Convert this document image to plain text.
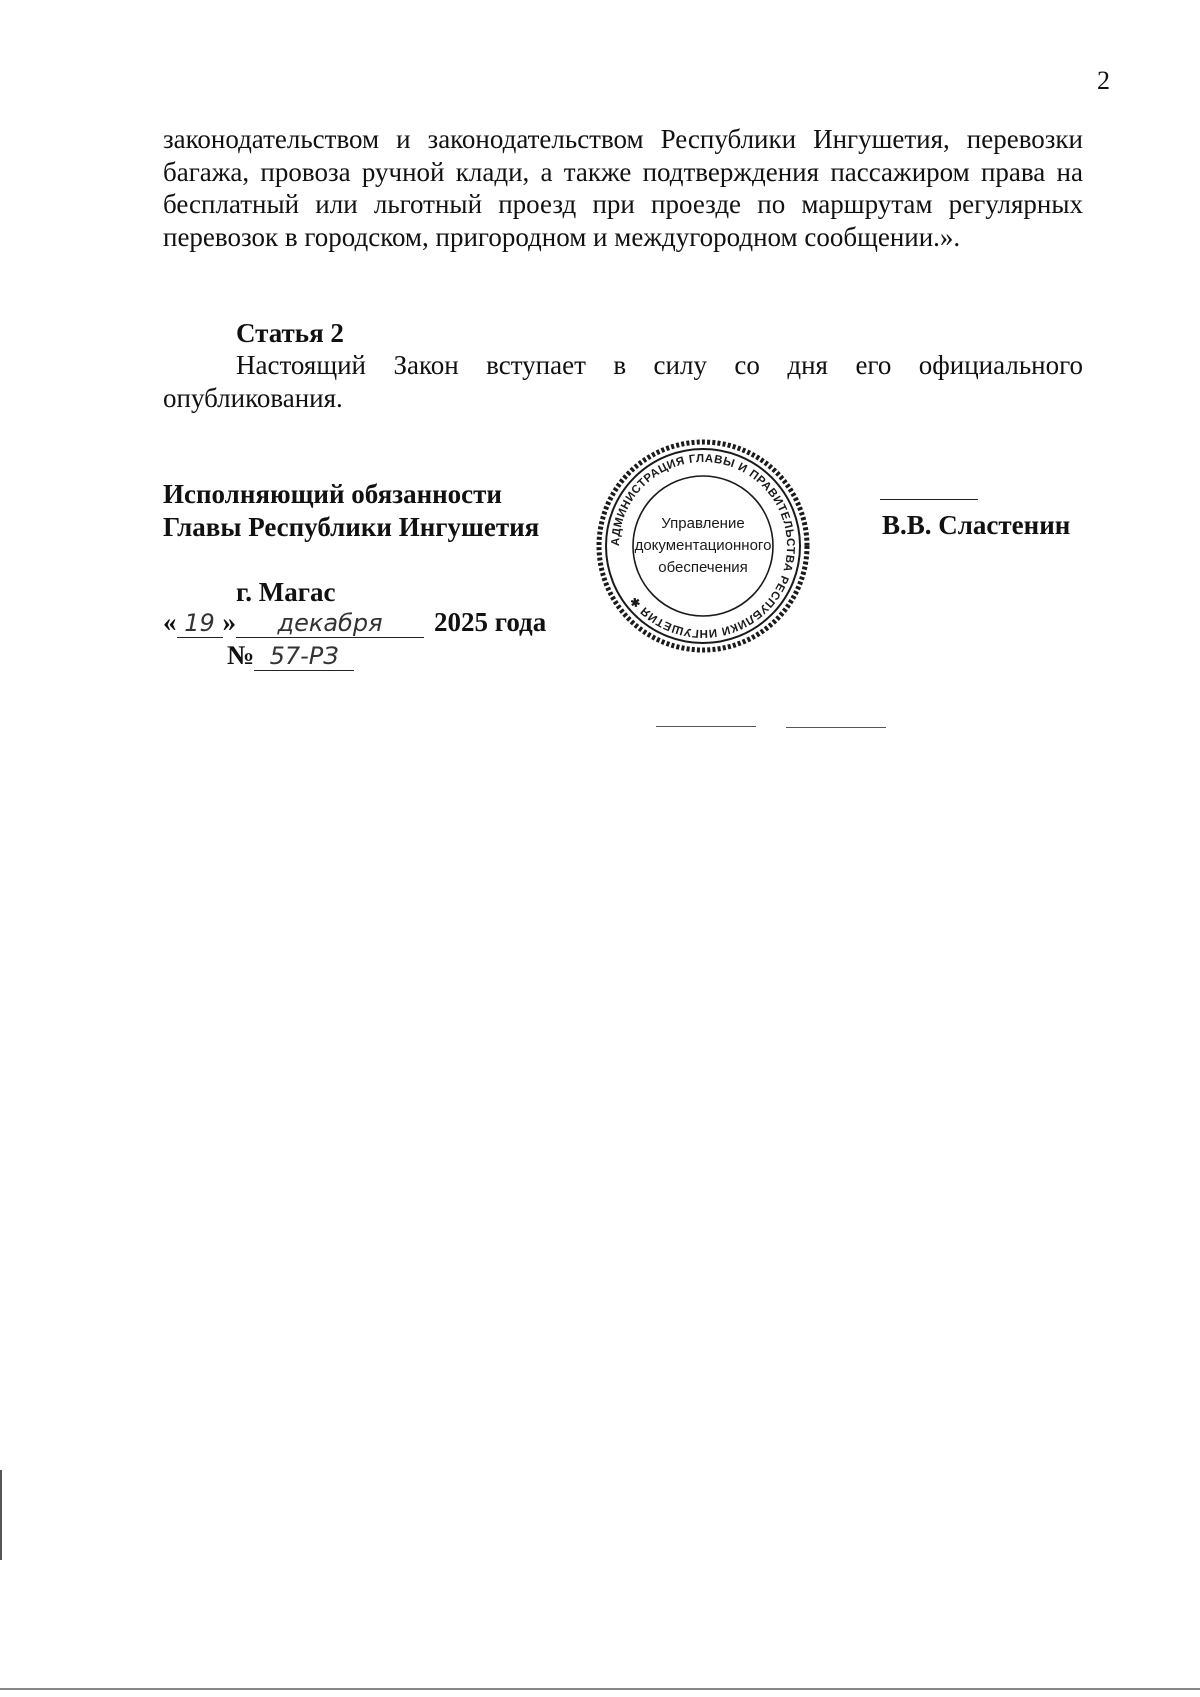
2
законодательством и законодательством Республики Ингушетия, перевозки багажа, провоза ручной клади, а также подтверждения пассажиром права на бесплатный или льготный проезд при проезде по маршрутам регулярных перевозок в городском, пригородном и междугородном сообщении.».
Статья 2
Настоящий Закон вступает в силу со дня его официального опубликования.
Исполняющий обязанности
Главы Республики Ингушетия	В.В. Сластенин
АДМИНИСТРАЦИЯ ГЛАВЫ И ПРАВИТЕЛЬСТВА РЕСПУБЛИКИ ИНГУШЕТИЯ ✱
Управление
документационного
обеспечения
г. Магас
« 19 » декабря 2025 года
№ 57-РЗ
